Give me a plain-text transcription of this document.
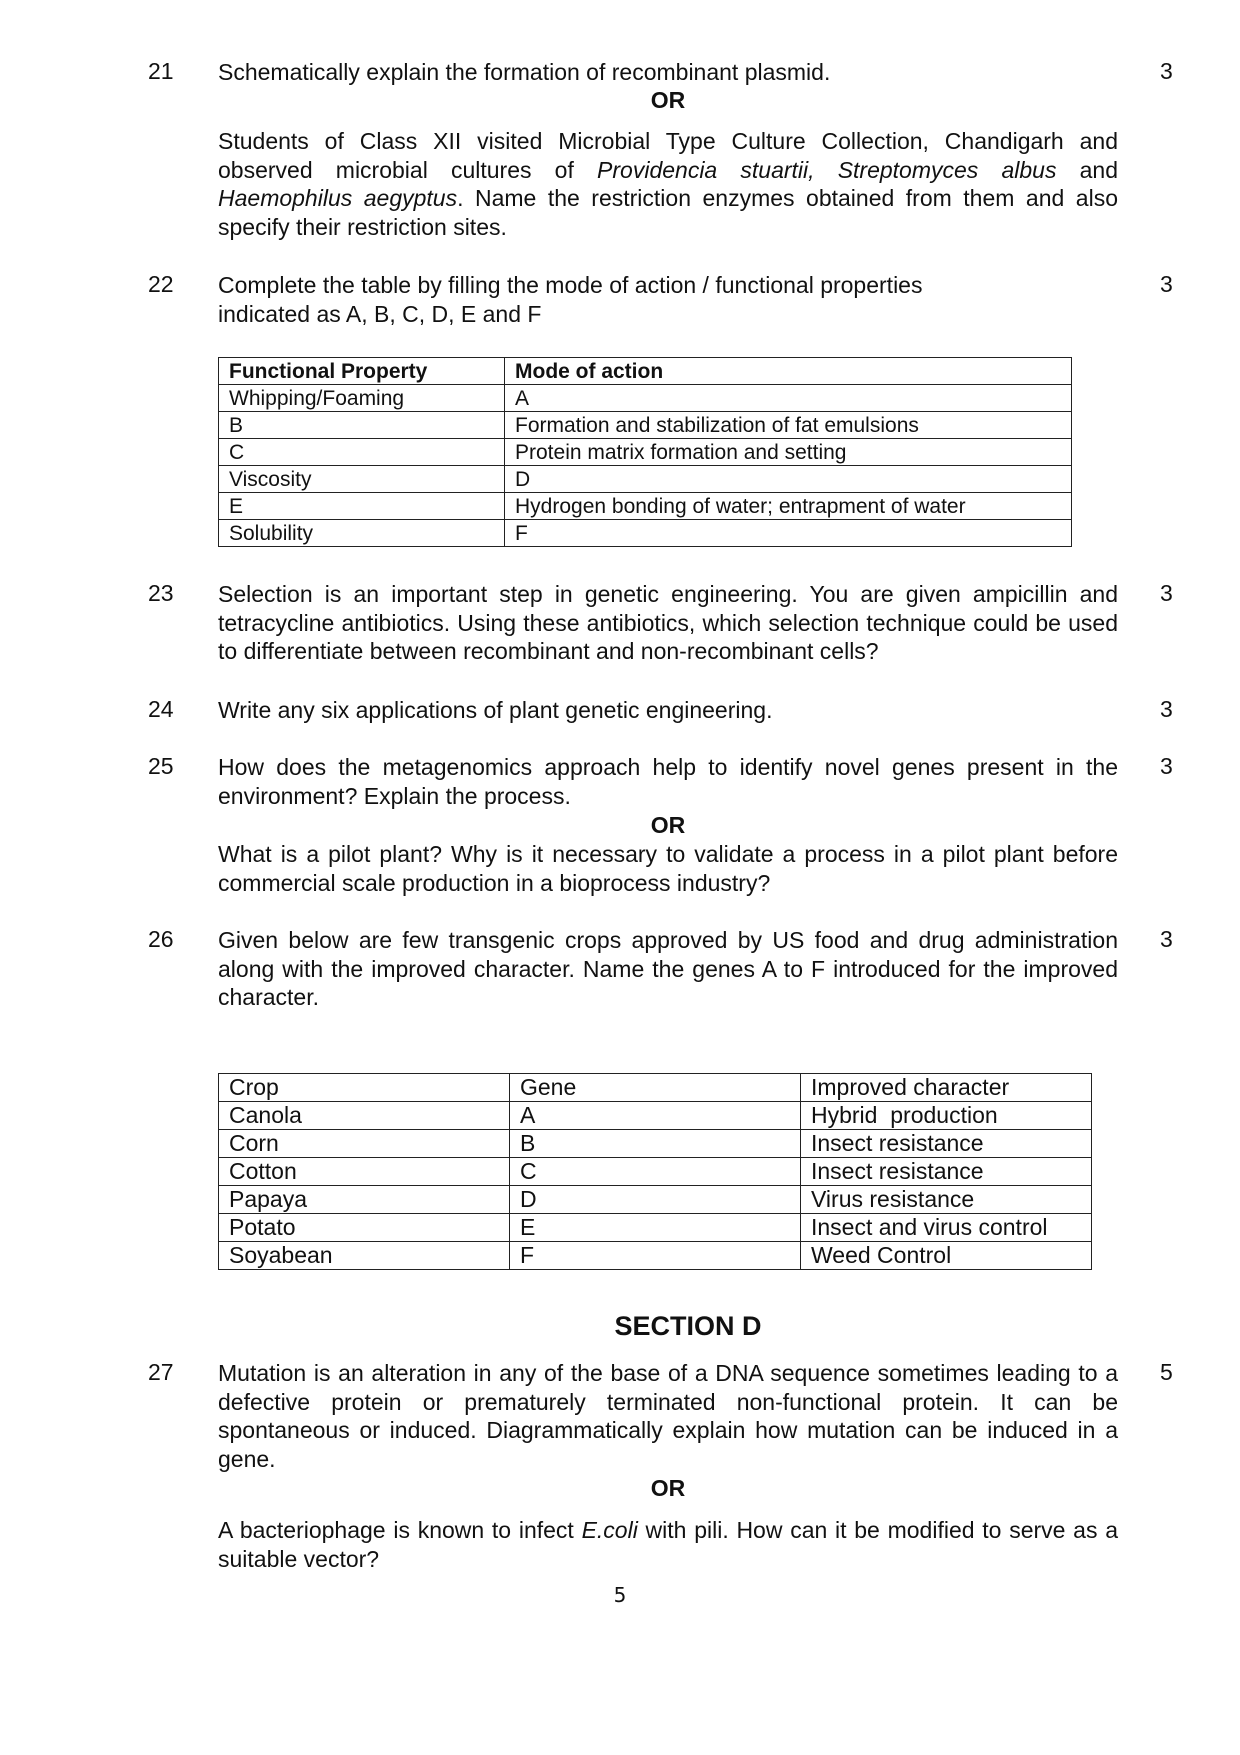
21 Schematically explain the formation of recombinant plasmid.	3
OR
Students of Class XII visited Microbial Type Culture Collection, Chandigarh and observed microbial cultures of Providencia stuartii, Streptomyces albus and Haemophilus aegyptus. Name the restriction enzymes obtained from them and also specify their restriction sites.
22 Complete the table by filling the mode of action / functional properties indicated as A, B, C, D, E and F
3
Functional Property	Mode of action
Whipping/Foaming	A
B	Formation and stabilization of fat emulsions
C	Protein matrix formation and setting
Viscosity	D
E	Hydrogen bonding of water; entrapment of water
Solubility	F
23 Selection is an important step in genetic engineering. You are given ampicillin and tetracycline antibiotics. Using these antibiotics, which selection technique could be used to differentiate between recombinant and non-recombinant cells?
3
24 Write any six applications of plant genetic engineering.	3
25 How does the metagenomics approach help to identify novel genes present in the environment? Explain the process.
3
OR
What is a pilot plant? Why is it necessary to validate a process in a pilot plant before commercial scale production in a bioprocess industry?
26 Given below are few transgenic crops approved by US food and drug administration along with the improved character. Name the genes A to F introduced for the improved character.
3
Crop	Gene	Improved character
Canola	A	Hybrid  production
Corn	B	Insect resistance
Cotton	C	Insect resistance
Papaya	D	Virus resistance
Potato	E	Insect and virus control
Soyabean	F	Weed Control
SECTION D
27 Mutation is an alteration in any of the base of a DNA sequence sometimes leading to a defective protein or prematurely terminated non-functional protein. It can be spontaneous or induced. Diagrammatically explain how mutation can be induced in a gene.
5
OR
A bacteriophage is known to infect E.coli with pili. How can it be modified to serve as a suitable vector?
5
